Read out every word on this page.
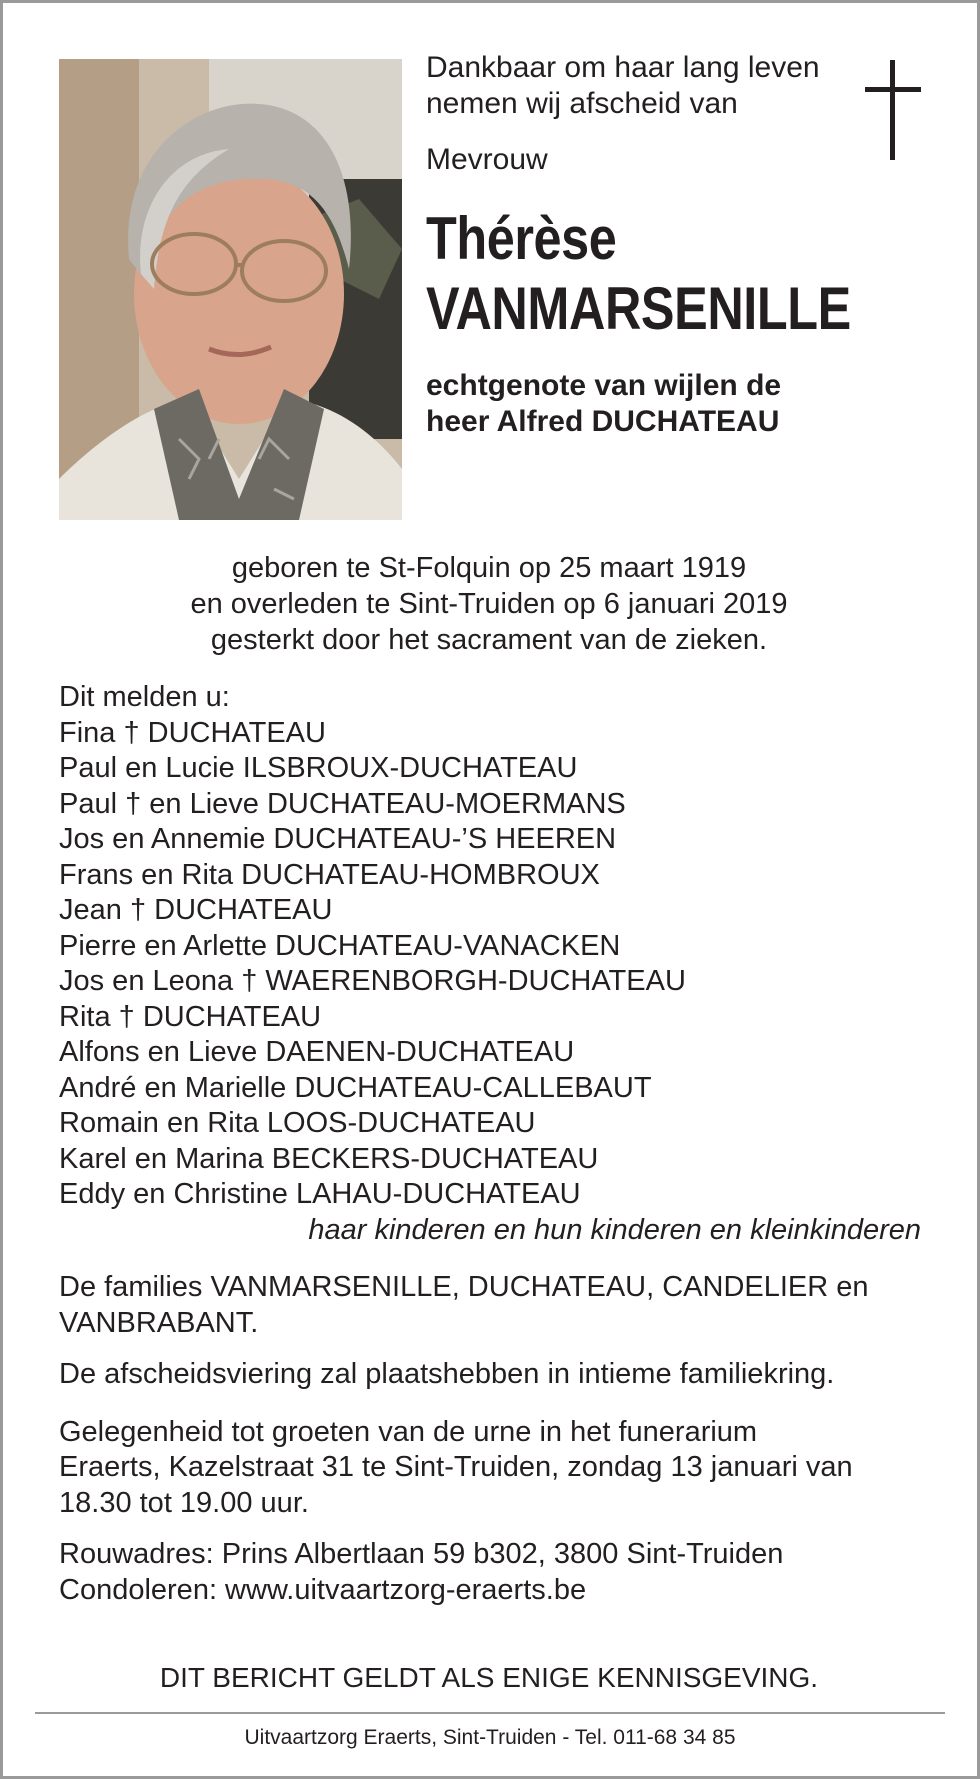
Dankbaar om haar lang leven
nemen wij afscheid van
Mevrouw
Thérèse
VANMARSENILLE
echtgenote van wijlen de
heer Alfred DUCHATEAU
geboren te St-Folquin op 25 maart 1919
en overleden te Sint-Truiden op 6 januari 2019
gesterkt door het sacrament van de zieken.
Dit melden u:
Fina † DUCHATEAU
Paul en Lucie ILSBROUX-DUCHATEAU
Paul † en Lieve DUCHATEAU-MOERMANS
Jos en Annemie DUCHATEAU-’S HEEREN
Frans en Rita DUCHATEAU-HOMBROUX
Jean † DUCHATEAU
Pierre en Arlette DUCHATEAU-VANACKEN
Jos en Leona † WAERENBORGH-DUCHATEAU
Rita † DUCHATEAU
Alfons en Lieve DAENEN-DUCHATEAU
André en Marielle DUCHATEAU-CALLEBAUT
Romain en Rita LOOS-DUCHATEAU
Karel en Marina BECKERS-DUCHATEAU
Eddy en Christine LAHAU-DUCHATEAU
haar kinderen en hun kinderen en kleinkinderen
De families VANMARSENILLE, DUCHATEAU, CANDELIER en
VANBRABANT.
De afscheidsviering zal plaatshebben in intieme familiekring.
Gelegenheid tot groeten van de urne in het funerarium
Eraerts, Kazelstraat 31 te Sint-Truiden, zondag 13 januari van
18.30 tot 19.00 uur.
Rouwadres: Prins Albertlaan 59 b302, 3800 Sint-Truiden
Condoleren: www.uitvaartzorg-eraerts.be
DIT BERICHT GELDT ALS ENIGE KENNISGEVING.
Uitvaartzorg Eraerts, Sint-Truiden - Tel. 011-68 34 85
